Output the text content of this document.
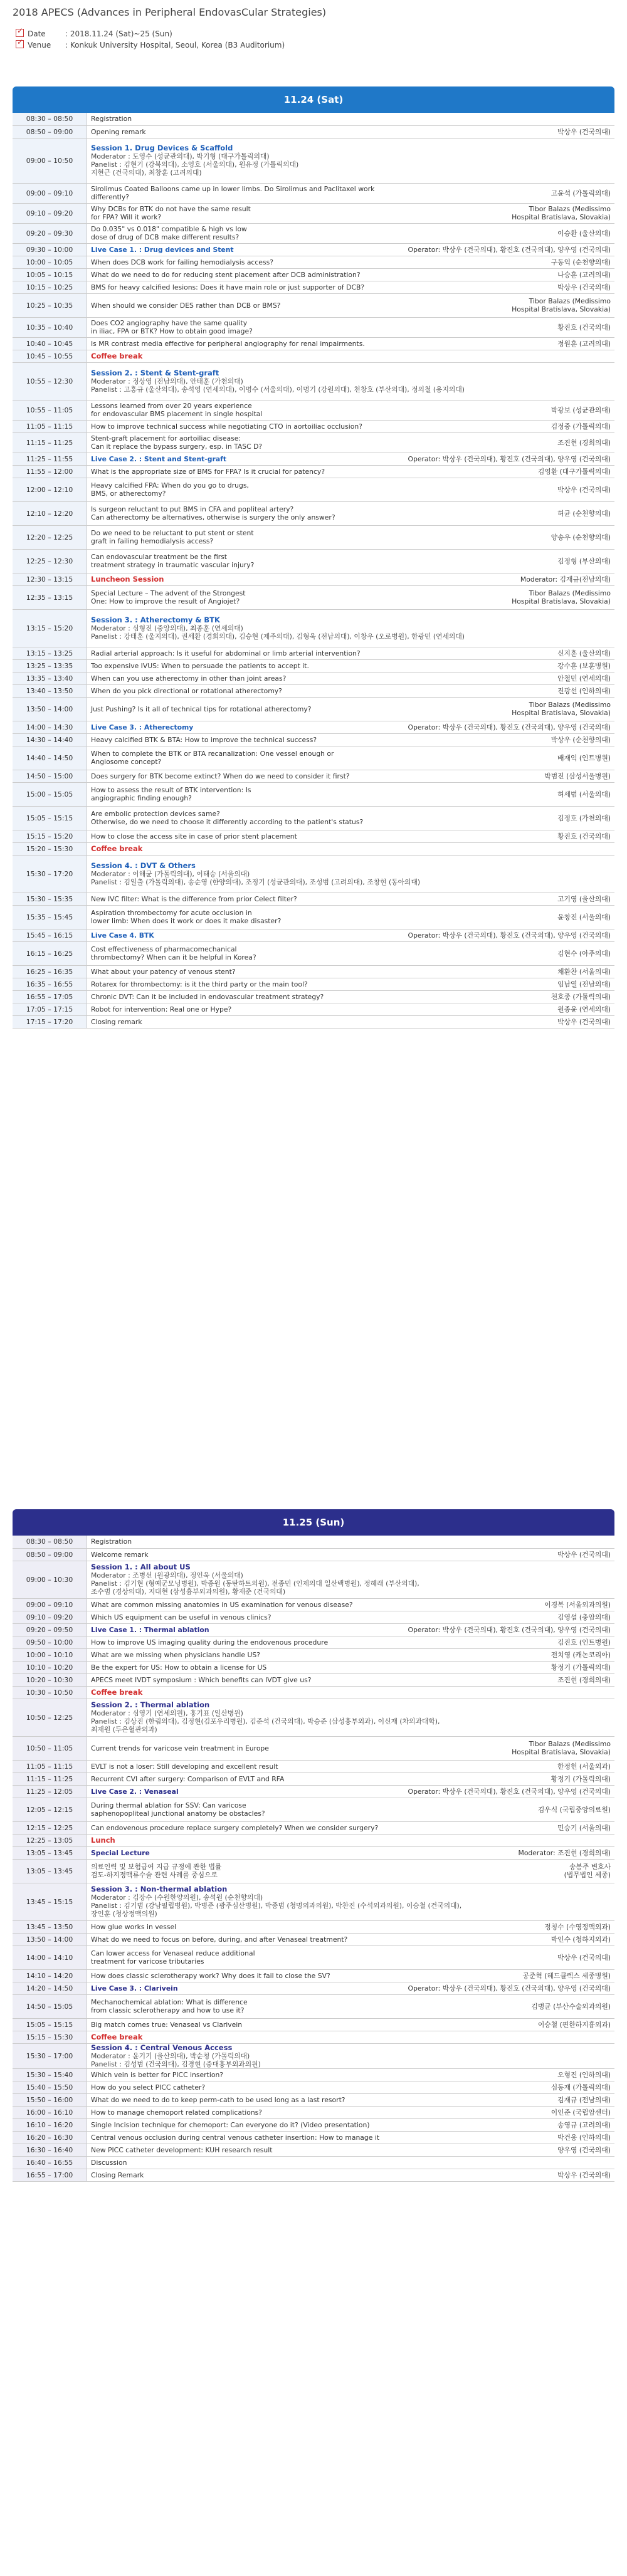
2018 APECS (Advances in Peripheral EndovasCular Strategies)
✓Date	: 2018.11.24 (Sat)~25 (Sun)
✓Venue : Konkuk University Hospital, Seoul, Korea (B3 Auditorium)
11.24 (Sat)
08:30 – 08:50	Registration

08:50 – 09:00	Opening remark 박상우 (건국의대)

09:00 – 10:50	Session 1. Drug Devices & Scaffold
Moderator : 도영수 (성균관의대), 박기형 (대구가톨릭의대)
Panelist : 김현기 (강북의대), 소영호 (서울의대), 원유정 (가톨릭의대)
지현근 (건국의대), 최창훈 (고려의대)

09:00 – 09:10	Sirolimus Coated Balloons came up in lower limbs. Do Sirolimus and Paclitaxel work
differently? 고윤석 (가톨릭의대)

09:10 – 09:20	Why DCBs for BTK do not have the same result
for FPA? Will it work?
Tibor Balazs (Medissimo
Hospital Bratislava, Slovakia)

09:20 – 09:30	Do 0.035" vs 0.018" compatible & high vs low
dose of drug of DCB make different results? 이승환 (울산의대)

09:30 – 10:00	Live Case 1. : Drug devices and Stent Operator: 박상우 (건국의대), 황진호 (건국의대), 양우영 (건국의대)

10:00 – 10:05	When does DCB work for failing hemodialysis access? 구동익 (순천향의대)

10:05 – 10:15	What do we need to do for reducing stent placement after DCB administration? 나승훈 (고려의대)

10:15 – 10:25	BMS for heavy calcified lesions: Does it have main role or just supporter of DCB? 박상우 (건국의대)

10:25 – 10:35	When should we consider DES rather than DCB or BMS? Tibor Balazs (Medissimo
Hospital Bratislava, Slovakia)

10:35 – 10:40	Does CO2 angiography have the same quality
in iliac, FPA or BTK? How to obtain good image? 황진호 (건국의대)

10:40 – 10:45	Is MR contrast media effective for peripheral angiography for renal impairments. 정원훈 (고려의대)

10:45 – 10:55	Coffee break

10:55 – 12:30	Session 2. : Stent & Stent-graft
Moderator : 정상영 (전남의대), 안태훈 (가천의대)
Panelist : 고홍규 (울산의대), 송석영 (연세의대), 이명수 (서울의대), 이명기 (강원의대), 천창호 (부산의대), 정의철 (용지의대)

10:55 – 11:05	Lessons learned from over 20 years experience
for endovascular BMS placement in single hospital 박광보 (성균관의대)

11:05 – 11:15	How to improve technical success while negotiating CTO in aortoiliac occlusion? 김정중 (가톨릭의대)

11:15 – 11:25	Stent-graft placement for aortoiliac disease:
Can it replace the bypass surgery, esp. in TASC D? 조진현 (경희의대)

11:25 – 11:55	Live Case 2. : Stent and Stent-graft Operator: 박상우 (건국의대), 황진호 (건국의대), 양우영 (건국의대)

11:55 – 12:00	What is the appropriate size of BMS for FPA? Is it crucial for patency? 김영환 (대구가톨릭의대)

12:00 – 12:10	Heavy calcified FPA: When do you go to drugs,
BMS, or atherectomy? 박상우 (건국의대)

12:10 – 12:20	Is surgeon reluctant to put BMS in CFA and popliteal artery?
Can atherectomy be alternatives, otherwise is surgery the only answer? 허균 (순천향의대)

12:20 – 12:25	Do we need to be reluctant to put stent or stent
graft in failing hemodialysis access? 양송우 (순천향의대)

12:25 – 12:30	Can endovascular treatment be the first
treatment strategy in traumatic vascular injury? 김정형 (부산의대)

12:30 – 13:15	Luncheon Session Moderator: 김재규(전남의대)

12:35 – 13:15	Special Lecture – The advent of the Strongest
One: How to improve the result of Angiojet?
Tibor Balazs (Medissimo
Hospital Bratislava, Slovakia)

13:15 – 15:20	Session 3. : Atherectomy & BTK
Moderator : 심형진 (중앙의대), 최종훈 (연세의대)
Panelist : 강태훈 (울지의대), 권세환 (경희의대), 김승현 (제주의대), 김형욱 (전남의대), 이창우 (오로병원), 한광민 (연세의대)

13:15 – 13:25	Radial arterial approach: Is it useful for abdominal or limb arterial intervention? 신지훈 (울산의대)

13:25 – 13:35	Too expensive IVUS: When to persuade the patients to accept it. 강수훈 (보훈병원)

13:35 – 13:40	When can you use atherectomy in other than joint areas? 안철민 (연세의대)

13:40 – 13:50	When do you pick directional or rotational atherectomy? 진광선 (인하의대)

13:50 – 14:00	Just Pushing? Is it all of technical tips for rotational atherectomy? Tibor Balazs (Medissimo
Hospital Bratislava, Slovakia)

14:00 – 14:30	Live Case 3. : Atherectomy Operator: 박상우 (건국의대), 황진호 (건국의대), 양우영 (건국의대)

14:30 – 14:40	Heavy calcified BTK & BTA: How to improve the technical success? 박상우 (순천향의대)

14:40 – 14:50	When to complete the BTK or BTA recanalization: One vessel enough or
Angiosome concept? 배재익 (인트병원)

14:50 – 15:00	Does surgery for BTK become extinct? When do we need to consider it first? 박범진 (삼성서울병원)

15:00 – 15:05	How to assess the result of BTK intervention: Is
angiographic finding enough? 허세범 (서울의대)

15:05 – 15:15	Are embolic protection devices same?
Otherwise, do we need to choose it differently according to the patient's status? 김정호 (가천의대)

15:15 – 15:20	How to close the access site in case of prior stent placement 황진호 (건국의대)

15:20 – 15:30	Coffee break

15:30 – 17:20	Session 4. : DVT & Others
Moderator : 이해균 (가톨릭의대), 이태승 (서울의대)
Panelist : 김일출 (가톨릭의대), 송순영 (한양의대), 조정기 (성균관의대), 조성범 (고려의대), 조창현 (동아의대)

15:30 – 15:35	New IVC filter: What is the difference from prior Celect filter? 고기영 (울산의대)

15:35 – 15:45	Aspiration thrombectomy for acute occlusion in
lower limb: When does it work or does it make disaster? 윤창진 (서울의대)

15:45 – 16:15	Live Case 4. BTK Operator: 박상우 (건국의대), 황진호 (건국의대), 양우영 (건국의대)

16:15 – 16:25	Cost effectiveness of pharmacomechanical
thrombectomy? When can it be helpful in Korea? 김현수 (아주의대)

16:25 – 16:35	What about your patency of venous stent? 채환찬 (서울의대)

16:35 – 16:55	Rotarex for thrombectomy: is it the third party or the main tool? 임남열 (전남의대)

16:55 – 17:05	Chronic DVT: Can it be included in endovascular treatment strategy? 천호종 (가톨릭의대)

17:05 – 17:15	Robot for intervention: Real one or Hype? 원종윤 (연세의대)

17:15 – 17:20	Closing remark 박상우 (건국의대)
11.25 (Sun)
08:30 – 08:50	Registration

08:50 – 09:00	Welcome remark 박상우 (건국의대)

09:00 – 10:30	Session 1. : All about US
Moderator : 조병선 (원광의대), 정인욱 (서울의대)
Panelist : 김기현 (형예군모닝병원), 박종원 (동탄하트의원), 전종민 (인제의대 일산백병원), 정혜래 (부산의대),
조수범 (경상의대), 지대현 (삼성흉부외과의원), 황재준 (건국의대)

09:00 – 09:10	What are common missing anatomies in US examination for venous disease? 이경복 (서울외과의원)

09:10 – 09:20	Which US equipment can be useful in venous clinics? 김영섭 (충암의대)

09:20 – 09:50	Live Case 1. : Thermal ablation Operator: 박상우 (건국의대), 황진호 (건국의대), 양우영 (건국의대)

09:50 – 10:00	How to improve US imaging quality during the endovenous procedure 김진호 (인트병원)

10:00 – 10:10	What are we missing when physicians handle US? 전치영 (캐논코리아)

10:10 – 10:20	Be the expert for US: How to obtain a license for US 황정기 (가톨릭의대)

10:20 – 10:30	APECS meet IVDT symposium : Which benefits can IVDT give us? 조진현 (경희의대)

10:30 – 10:50	Coffee break

10:50 – 12:25	Session 2. : Thermal ablation
Moderator : 심영기 (연세의원), 홍기표 (일산병원)
Panelist : 김상진 (한림의대), 김정현(김포우리병원), 김준석 (건국의대), 박승준 (삼성흉부외과), 이신재 (차의과대학),
최재원 (두은혈관외과)

10:50 – 11:05	Current trends for varicose vein treatment in Europe Tibor Balazs (Medissimo
Hospital Bratislava, Slovakia)

11:05 – 11:15	EVLT is not a loser: Still developing and excellent result 한정헌 (서울외과)

11:15 – 11:25	Recurrent CVI after surgery: Comparison of EVLT and RFA 황정기 (가톨릭의대)

11:25 – 12:05	Live Case 2. : Venaseal Operator: 박상우 (건국의대), 황진호 (건국의대), 양우영 (건국의대)

12:05 – 12:15	During thermal ablation for SSV: Can varicose
saphenopopliteal junctional anatomy be obstacles? 김우식 (국립중앙의료원)

12:15 – 12:25	Can endovenous procedure replace surgery completely? When we consider surgery? 민승기 (서울의대)

12:25 – 13:05	Lunch

13:05 – 13:45	Special Lecture Moderator: 조진현 (경희의대)

13:05 – 13:45	의료인력 및 보험급여 지급 규정에 관한 법률
검도-하지정맥류수술 관련 사례를 중심으로
송봉주 변호사
(법무법인 세종)

13:45 – 15:15	Session 3. : Non-thermal ablation
Moderator : 김장수 (수원한양의원), 송석원 (순천향의대)
Panelist : 김기범 (강남필립병원), 박병준 (광주심산병원), 박종범 (청명외과의원), 박찬진 (수석외과의원), 이승철 (건국의대),
장인훈 (청상정맥의원)

13:45 – 13:50	How glue works in vessel 정칭수 (수영정맥외과)

13:50 – 14:00	What do we need to focus on before, during, and after Venaseal treatment? 박인수 (청하지외과)

14:00 – 14:10	Can lower access for Venaseal reduce additional
treatment for varicose tributaries 박상우 (건국의대)

14:10 – 14:20	How does classic sclerotherapy work? Why does it fail to close the SV? 공준혁 (헤드클렉스 세종병원)

14:20 – 14:50	Live Case 3. : Clarivein Operator: 박상우 (건국의대), 황진호 (건국의대), 양우영 (건국의대)

14:50 – 15:05	Mechanochemical ablation: What is difference
from classic sclerotherapy and how to use it? 김병균 (부산수술외과의원)

15:05 – 15:15	Big match comes true: Venaseal vs Clarivein 이승철 (편한하지흉외과)

15:15 – 15:30	Coffee break

15:30 – 17:00	Session 4. : Central Venous Access
Moderator : 윤기기 (울산의대), 박순청 (가톨릭의대)
Panelist : 김성범 (건국의대), 김경현 (중대흉부외과의원)

15:30 – 15:40	Which vein is better for PICC insertion? 오형진 (인하의대)

15:40 – 15:50	How do you select PICC catheter? 심동재 (가톨릭의대)

15:50 – 16:00	What do we need to do to keep perm-cath to be used long as a last resort? 김재규 (전남의대)

16:00 – 16:10	How to manage chemoport related complications? 이인준 (국립암센터)

16:10 – 16:20	Single Incision technique for chemoport: Can everyone do it? (Video presentation) 송영규 (고려의대)

16:20 – 16:30	Central venous occlusion during central venous catheter insertion: How to manage it 박건웅 (인하의대)

16:30 – 16:40	New PICC catheter development: KUH research result 양우영 (건국의대)

16:40 – 16:55	Discussion

16:55 – 17:00	Closing Remark 박상우 (건국의대)
